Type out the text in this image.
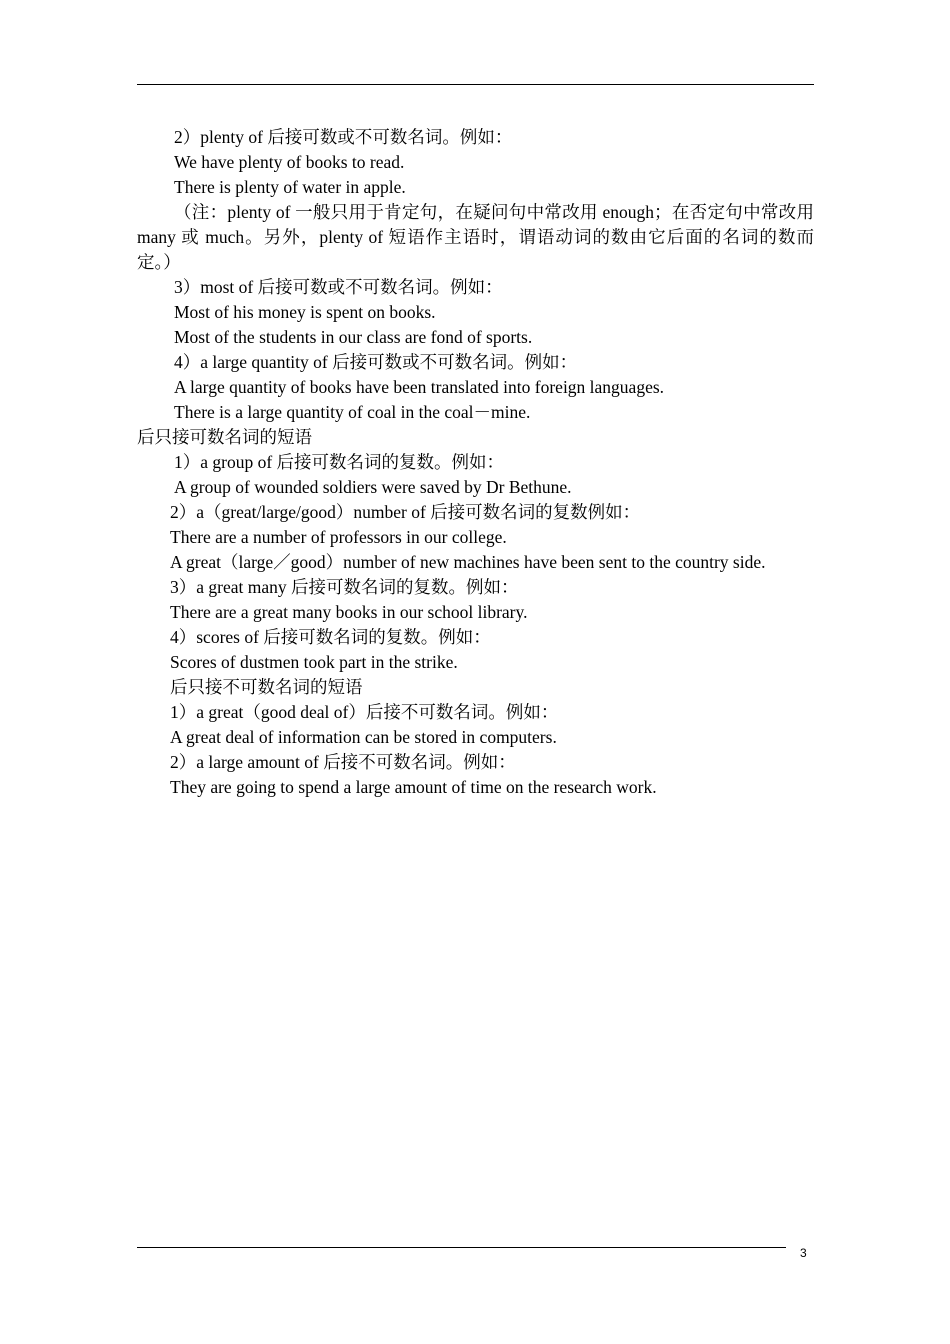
2）plenty of 后接可数或不可数名词。例如：
We have plenty of books to read.
There is plenty of water in apple.
（注：plenty of 一般只用于肯定句，在疑问句中常改用 enough；在否定句中常改用 many 或 much。另外，plenty of 短语作主语时，谓语动词的数由它后面的名词的数而定。）
3）most of 后接可数或不可数名词。例如：
Most of his money is spent on books.
Most of the students in our class are fond of sports.
4）a large quantity of 后接可数或不可数名词。例如：
A large quantity of books have been translated into foreign languages.
There is a large quantity of coal in the coal－mine.
后只接可数名词的短语
1）a group of 后接可数名词的复数。例如：
A group of wounded soldiers were saved by Dr Bethune.
2）a（great/large/good）number of 后接可数名词的复数例如：
There are a number of professors in our college.
A great（large／good）number of new machines have been sent to the country side.
3）a great many 后接可数名词的复数。例如：
There are a great many books in our school library.
4）scores of 后接可数名词的复数。例如：
Scores of dustmen took part in the strike.
后只接不可数名词的短语
1）a great（good deal of）后接不可数名词。例如：
A great deal of information can be stored in computers.
2）a large amount of 后接不可数名词。例如：
They are going to spend a large amount of time on the research work.
3
